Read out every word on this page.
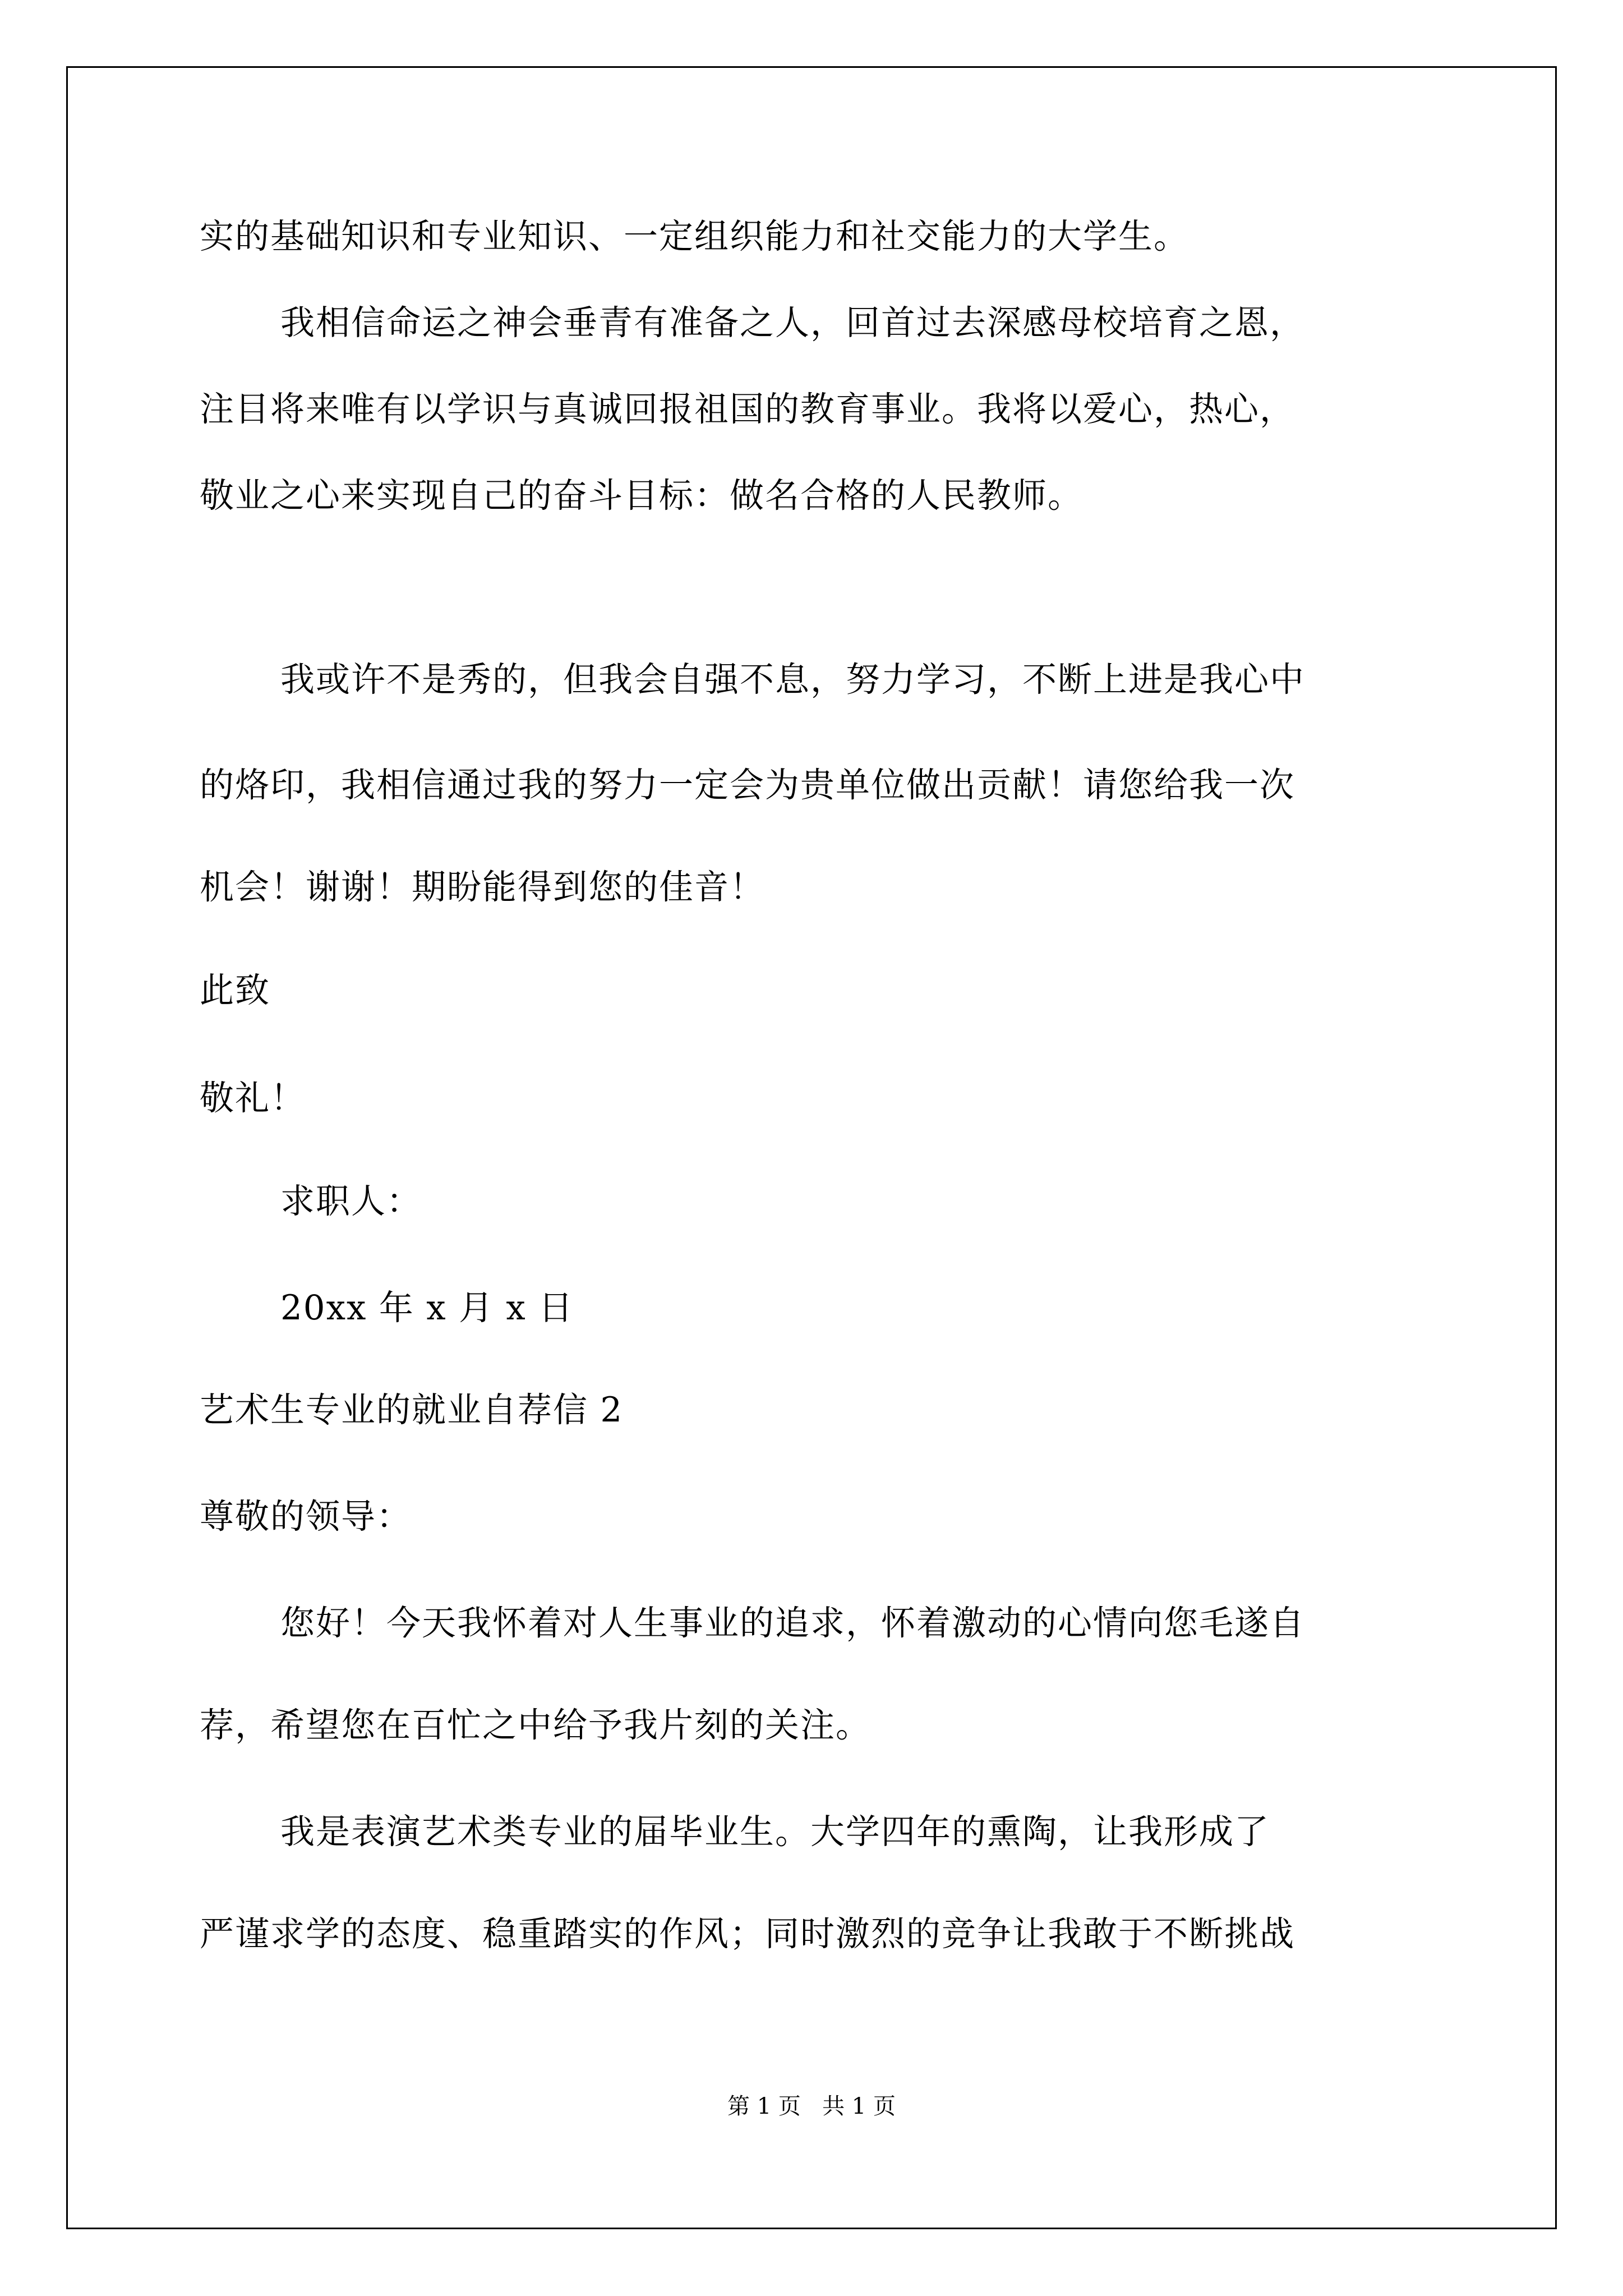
实的基础知识和专业知识、一定组织能力和社交能力的大学生。
我相信命运之神会垂青有准备之人，回首过去深感母校培育之恩，
注目将来唯有以学识与真诚回报祖国的教育事业。我将以爱心，热心，
敬业之心来实现自己的奋斗目标：做名合格的人民教师。
我或许不是秀的，但我会自强不息，努力学习，不断上进是我心中
的烙印，我相信通过我的努力一定会为贵单位做出贡献！请您给我一次
机会！谢谢！期盼能得到您的佳音！
此致
敬礼！
求职人：
20xx 年 x 月 x 日
艺术生专业的就业自荐信 2
尊敬的领导：
您好！今天我怀着对人生事业的追求，怀着激动的心情向您毛遂自
荐，希望您在百忙之中给予我片刻的关注。
我是表演艺术类专业的届毕业生。大学四年的熏陶，让我形成了
严谨求学的态度、稳重踏实的作风；同时激烈的竞争让我敢于不断挑战
第 1 页   共 1 页
